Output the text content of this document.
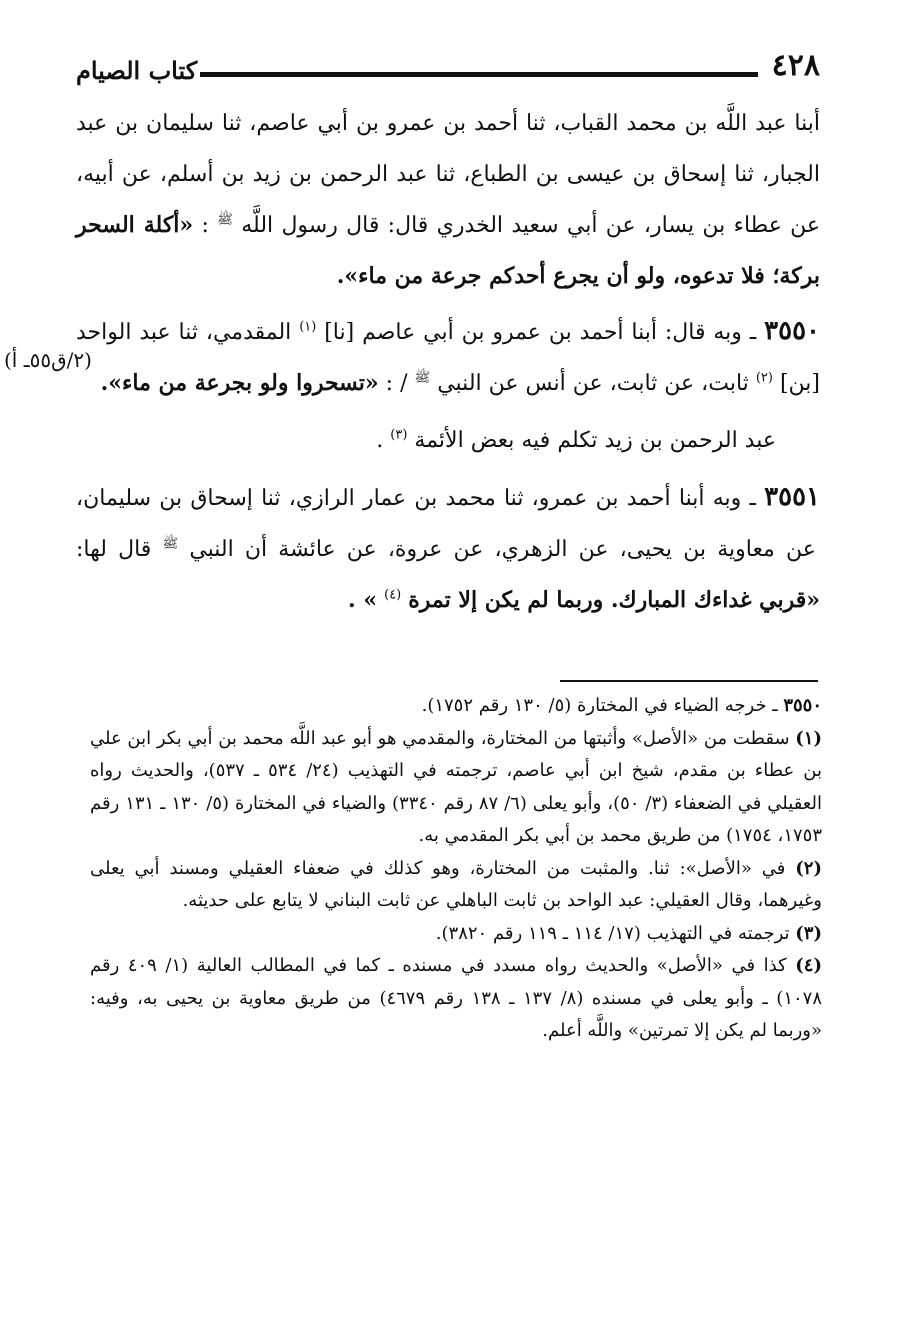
٤٢٨
كتاب الصيام

أبنا عبد اللَّه بن محمد القباب، ثنا أحمد بن عمرو بن أبي عاصم، ثنا سليمان بن عبد الجبار، ثنا إسحاق بن عيسى بن الطباع، ثنا عبد الرحمن بن زيد بن أسلم، عن أبيه، عن عطاء بن يسار، عن أبي سعيد الخدري قال: قال رسول اللَّه $^ﷺ$ : «أكلة السحر بركة؛ فلا تدعوه، ولو أن يجرع أحدكم جرعة من ماء».

٣٥٥٠ ـ وبه قال: أبنا أحمد بن عمرو بن أبي عاصم [نا] $^{(١)}$ المقدمي، ثنا عبد الواحد [بن] $^{(٢)}$ ثابت، عن ثابت، عن أنس عن النبي $^ﷺ$ / : «تسحروا ولو بجرعة من ماء».

عبد الرحمن بن زيد تكلم فيه بعض الأئمة $^{(٣)}$ .

٣٥٥١ ـ وبه أبنا أحمد بن عمرو، ثنا محمد بن عمار الرازي، ثنا إسحاق بن سليمان، عن معاوية بن يحيى، عن الزهري، عن عروة، عن عائشة أن النبي $^ﷺ$ قال لها: «قربي غداءك المبارك. وربما لم يكن إلا تمرة $^{(٤)}$ » .

(٢/ق٥٥ـ أ)

٣٥٥٠ ـ خرجه الضياء في المختارة (٥/ ١٣٠ رقم ١٧٥٢).

(١) سقطت من «الأصل» وأثبتها من المختارة، والمقدمي هو أبو عبد اللَّه محمد بن أبي بكر ابن علي بن عطاء بن مقدم، شيخ ابن أبي عاصم، ترجمته في التهذيب (٢٤/ ٥٣٤ ـ ٥٣٧)، والحديث رواه العقيلي في الضعفاء (٣/ ٥٠)، وأبو يعلى (٦/ ٨٧ رقم ٣٣٤٠) والضياء في المختارة (٥/ ١٣٠ ـ ١٣١ رقم ١٧٥٣، ١٧٥٤) من طريق محمد بن أبي بكر المقدمي به.

(٢) في «الأصل»: ثنا. والمثبت من المختارة، وهو كذلك في ضعفاء العقيلي ومسند أبي يعلى وغيرهما، وقال العقيلي: عبد الواحد بن ثابت الباهلي عن ثابت البناني لا يتابع على حديثه.

(٣) ترجمته في التهذيب (١٧/ ١١٤ ـ ١١٩ رقم ٣٨٢٠).

(٤) كذا في «الأصل» والحديث رواه مسدد في مسنده ـ كما في المطالب العالية (١/ ٤٠٩ رقم ١٠٧٨) ـ وأبو يعلى في مسنده (٨/ ١٣٧ ـ ١٣٨ رقم ٤٦٧٩) من طريق معاوية بن يحيى به، وفيه: «وربما لم يكن إلا تمرتين» واللَّه أعلم.
